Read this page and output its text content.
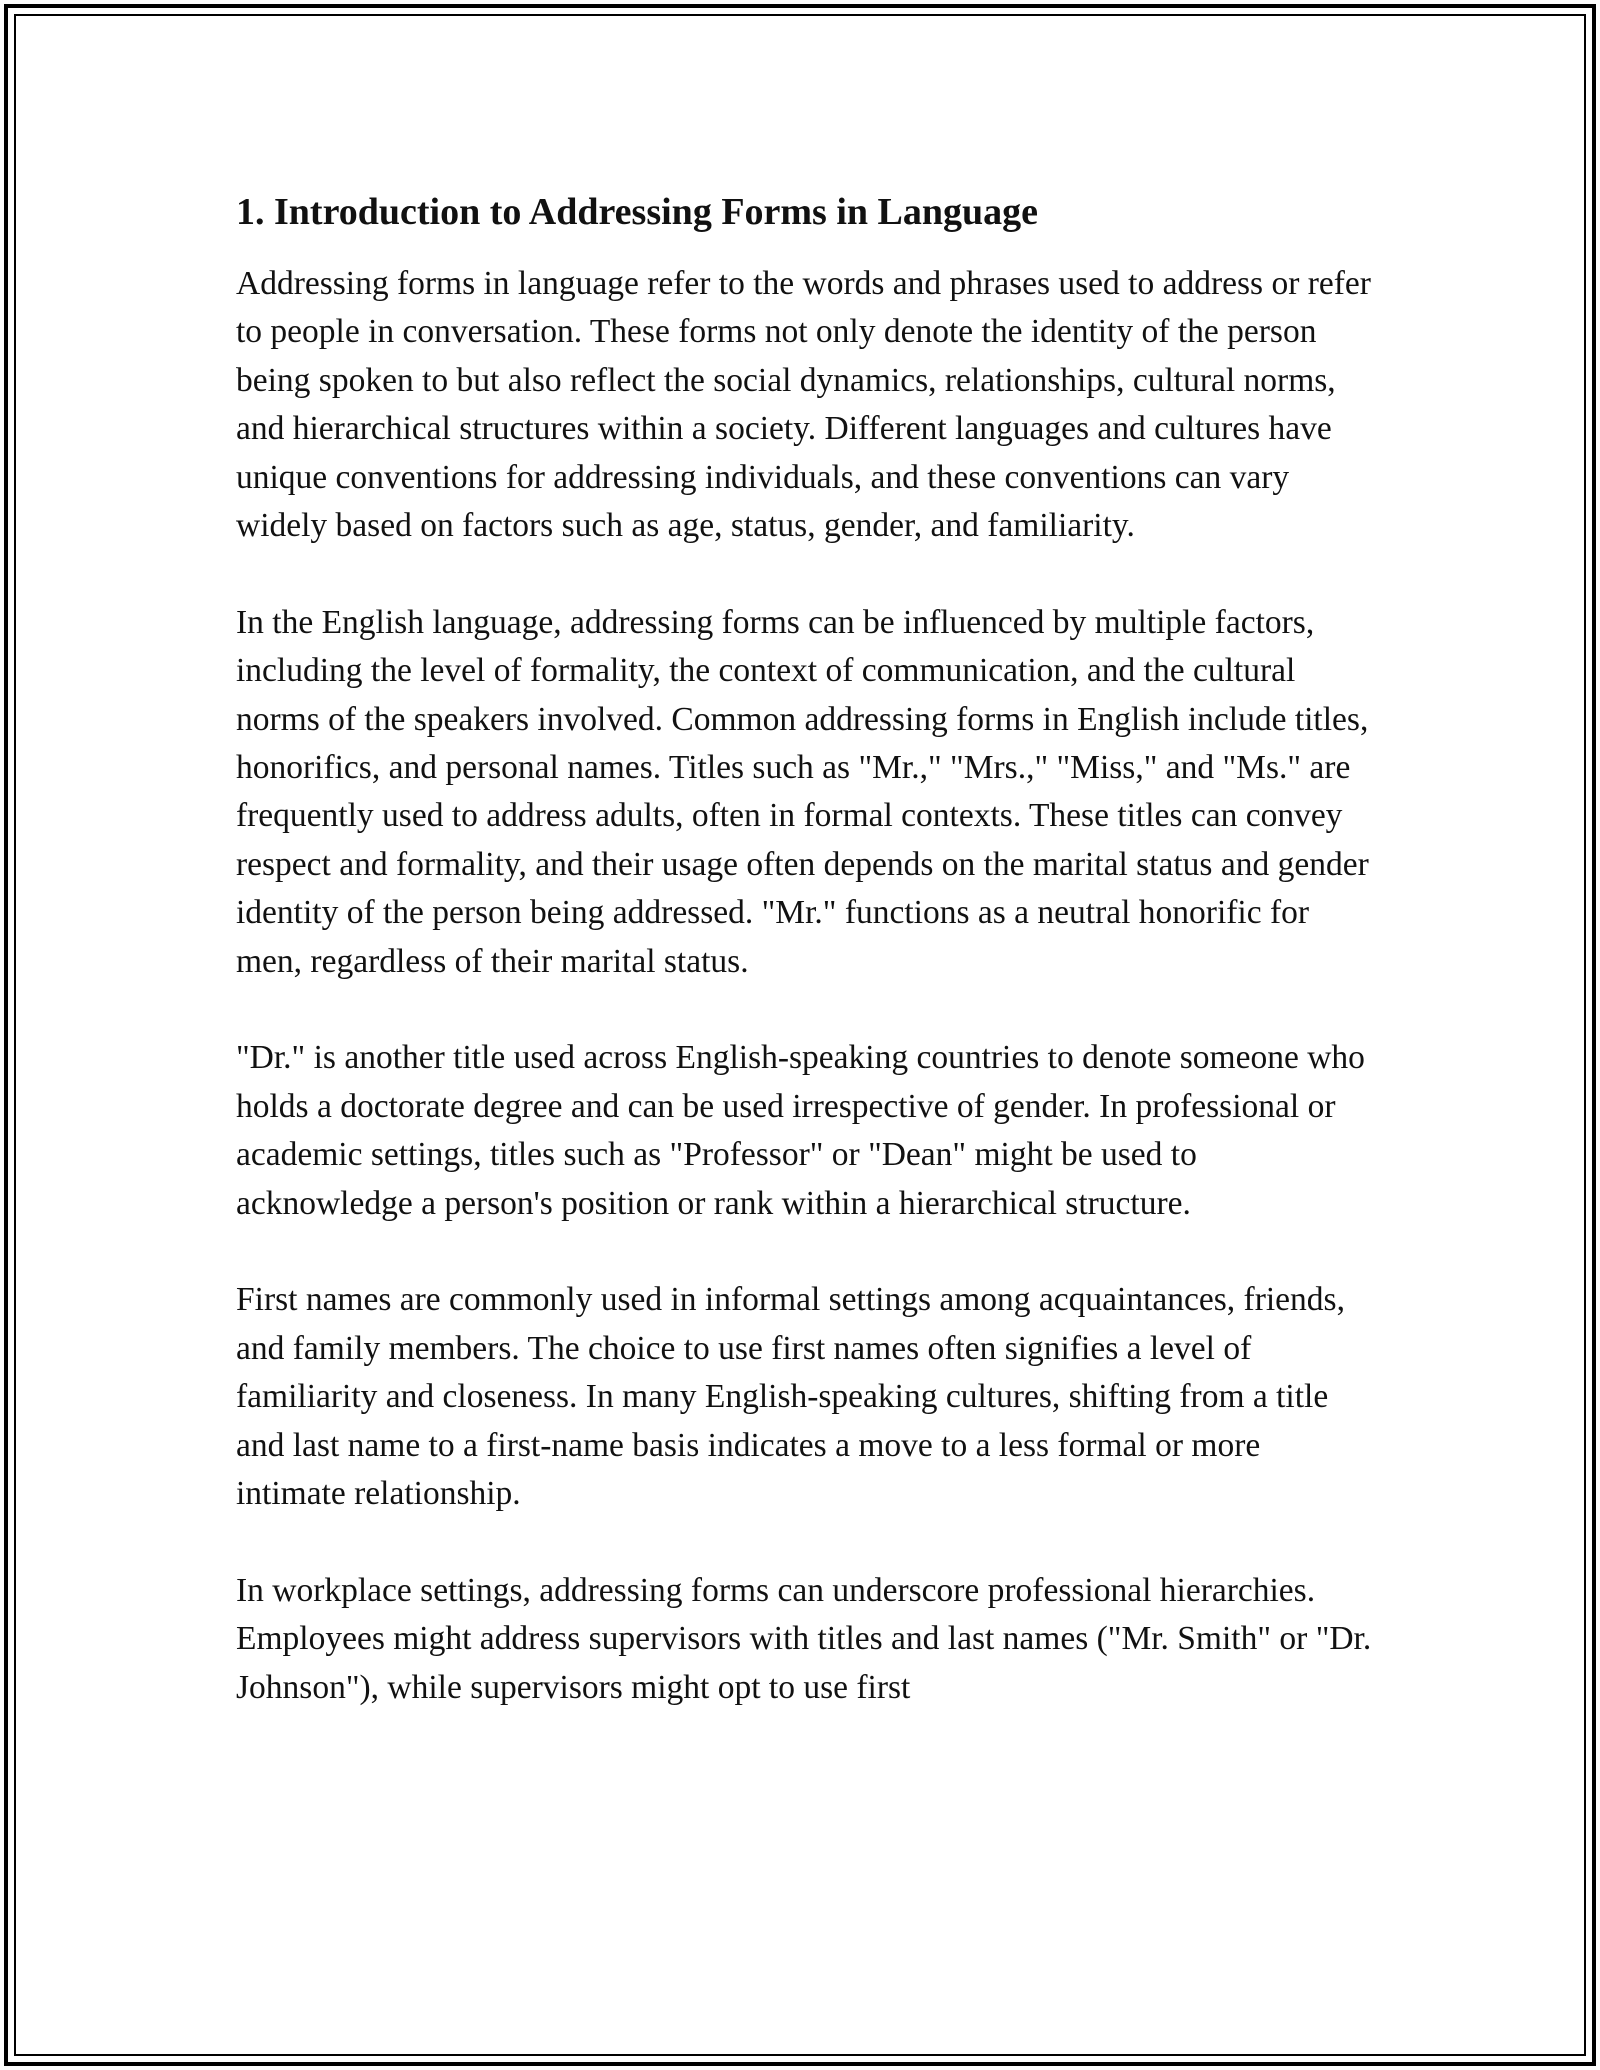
1. Introduction to Addressing Forms in Language

Addressing forms in language refer to the words and phrases used to address or refer to people in conversation. These forms not only denote the identity of the person being spoken to but also reflect the social dynamics, relationships, cultural norms, and hierarchical structures within a society. Different languages and cultures have unique conventions for addressing individuals, and these conventions can vary widely based on factors such as age, status, gender, and familiarity.

In the English language, addressing forms can be influenced by multiple factors, including the level of formality, the context of communication, and the cultural norms of the speakers involved. Common addressing forms in English include titles, honorifics, and personal names. Titles such as "Mr.," "Mrs.," "Miss," and "Ms." are frequently used to address adults, often in formal contexts. These titles can convey respect and formality, and their usage often depends on the marital status and gender identity of the person being addressed. "Mr." functions as a neutral honorific for men, regardless of their marital status.

"Dr." is another title used across English-speaking countries to denote someone who holds a doctorate degree and can be used irrespective of gender. In professional or academic settings, titles such as "Professor" or "Dean" might be used to acknowledge a person's position or rank within a hierarchical structure.

First names are commonly used in informal settings among acquaintances, friends, and family members. The choice to use first names often signifies a level of familiarity and closeness. In many English-speaking cultures, shifting from a title and last name to a first-name basis indicates a move to a less formal or more intimate relationship.

In workplace settings, addressing forms can underscore professional hierarchies. Employees might address supervisors with titles and last names ("Mr. Smith" or "Dr. Johnson"), while supervisors might opt to use first
